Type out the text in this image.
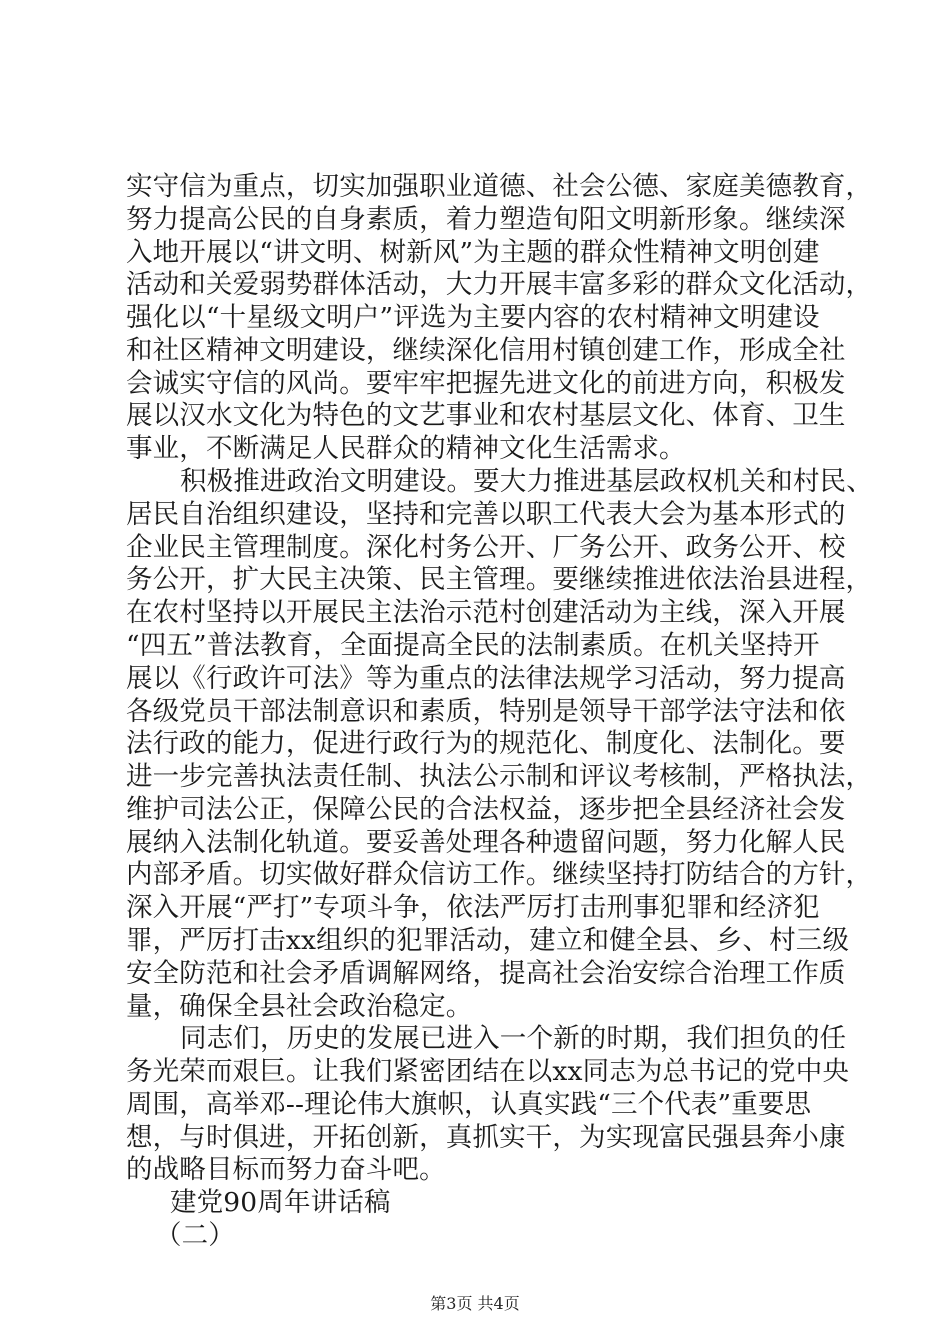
实守信为重点，切实加强职业道德、社会公德、家庭美德教育，
努力提高公民的自身素质，着力塑造旬阳文明新形象。继续深
入地开展以“讲文明、树新风”为主题的群众性精神文明创建
活动和关爱弱势群体活动，大力开展丰富多彩的群众文化活动，
强化以“十星级文明户”评选为主要内容的农村精神文明建设
和社区精神文明建设，继续深化信用村镇创建工作，形成全社
会诚实守信的风尚。要牢牢把握先进文化的前进方向，积极发
展以汉水文化为特色的文艺事业和农村基层文化、体育、卫生
事业，不断满足人民群众的精神文化生活需求。
积极推进政治文明建设。要大力推进基层政权机关和村民、
居民自治组织建设，坚持和完善以职工代表大会为基本形式的
企业民主管理制度。深化村务公开、厂务公开、政务公开、校
务公开，扩大民主决策、民主管理。要继续推进依法治县进程，
在农村坚持以开展民主法治示范村创建活动为主线，深入开展
“四五”普法教育，全面提高全民的法制素质。在机关坚持开
展以《行政许可法》等为重点的法律法规学习活动，努力提高
各级党员干部法制意识和素质，特别是领导干部学法守法和依
法行政的能力，促进行政行为的规范化、制度化、法制化。要
进一步完善执法责任制、执法公示制和评议考核制，严格执法，
维护司法公正，保障公民的合法权益，逐步把全县经济社会发
展纳入法制化轨道。要妥善处理各种遗留问题，努力化解人民
内部矛盾。切实做好群众信访工作。继续坚持打防结合的方针，
深入开展“严打”专项斗争，依法严厉打击刑事犯罪和经济犯
罪，严厉打击xx组织的犯罪活动，建立和健全县、乡、村三级
安全防范和社会矛盾调解网络，提高社会治安综合治理工作质
量，确保全县社会政治稳定。
同志们，历史的发展已进入一个新的时期，我们担负的任
务光荣而艰巨。让我们紧密团结在以xx同志为总书记的党中央
周围，高举邓--理论伟大旗帜，认真实践“三个代表”重要思
想，与时俱进，开拓创新，真抓实干，为实现富民强县奔小康
的战略目标而努力奋斗吧。
建党90周年讲话稿
（二）
第3页 共4页
